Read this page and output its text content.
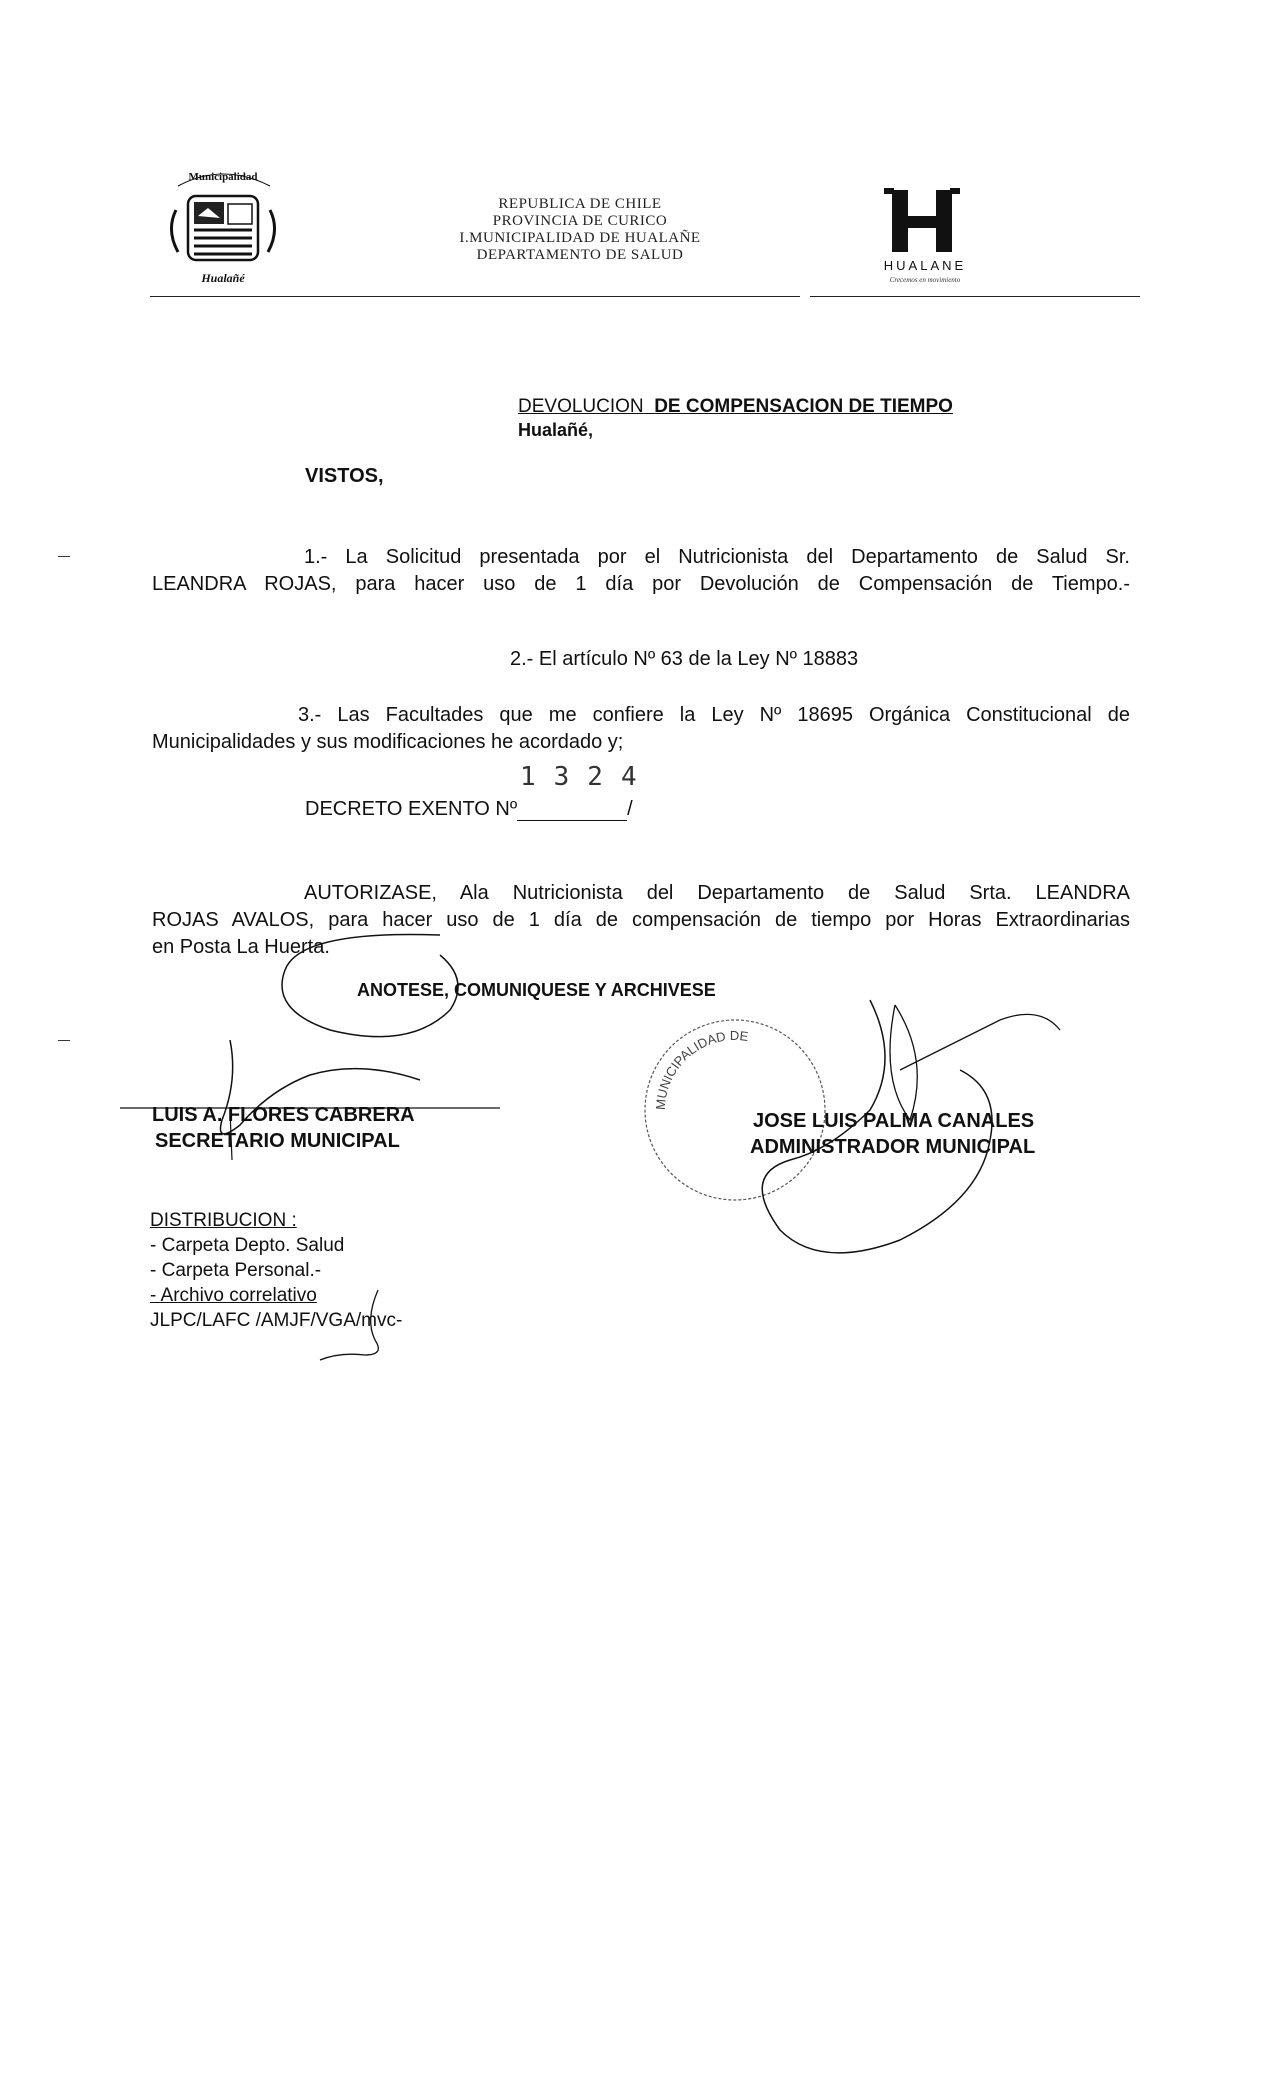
Municipalidad
Hualañé
REPUBLICA DE CHILE
PROVINCIA DE CURICO
I.MUNICIPALIDAD DE HUALAÑE
DEPARTAMENTO DE SALUD
HUALANE
Crecemos en movimiento
DEVOLUCION DE COMPENSACION DE TIEMPO
Hualañé,
VISTOS,
1.- La Solicitud presentada por el Nutricionista del Departamento de Salud Sr.
LEANDRA ROJAS, para hacer uso de 1 día por Devolución de Compensación de Tiempo.-
2.- El artículo Nº 63 de la Ley Nº 18883
3.- Las Facultades que me confiere la Ley Nº 18695 Orgánica Constitucional de
Municipalidades y sus modificaciones he acordado y;
1324
DECRETO EXENTO Nº	/
AUTORIZASE, Ala Nutricionista del Departamento de Salud Srta. LEANDRA
ROJAS AVALOS, para hacer uso de 1 día de compensación de tiempo por Horas Extraordinarias
en Posta La Huerta.
ANOTESE, COMUNIQUESE Y ARCHIVESE
LUIS A. FLORES CABRERA
SECRETARIO MUNICIPAL
MUNICIPALIDAD DE
JOSE LUIS PALMA CANALES
ADMINISTRADOR MUNICIPAL
DISTRIBUCION :
- Carpeta Depto. Salud
- Carpeta Personal.-
- Archivo correlativo
JLPC/LAFC /AMJF/VGA/mvc-
